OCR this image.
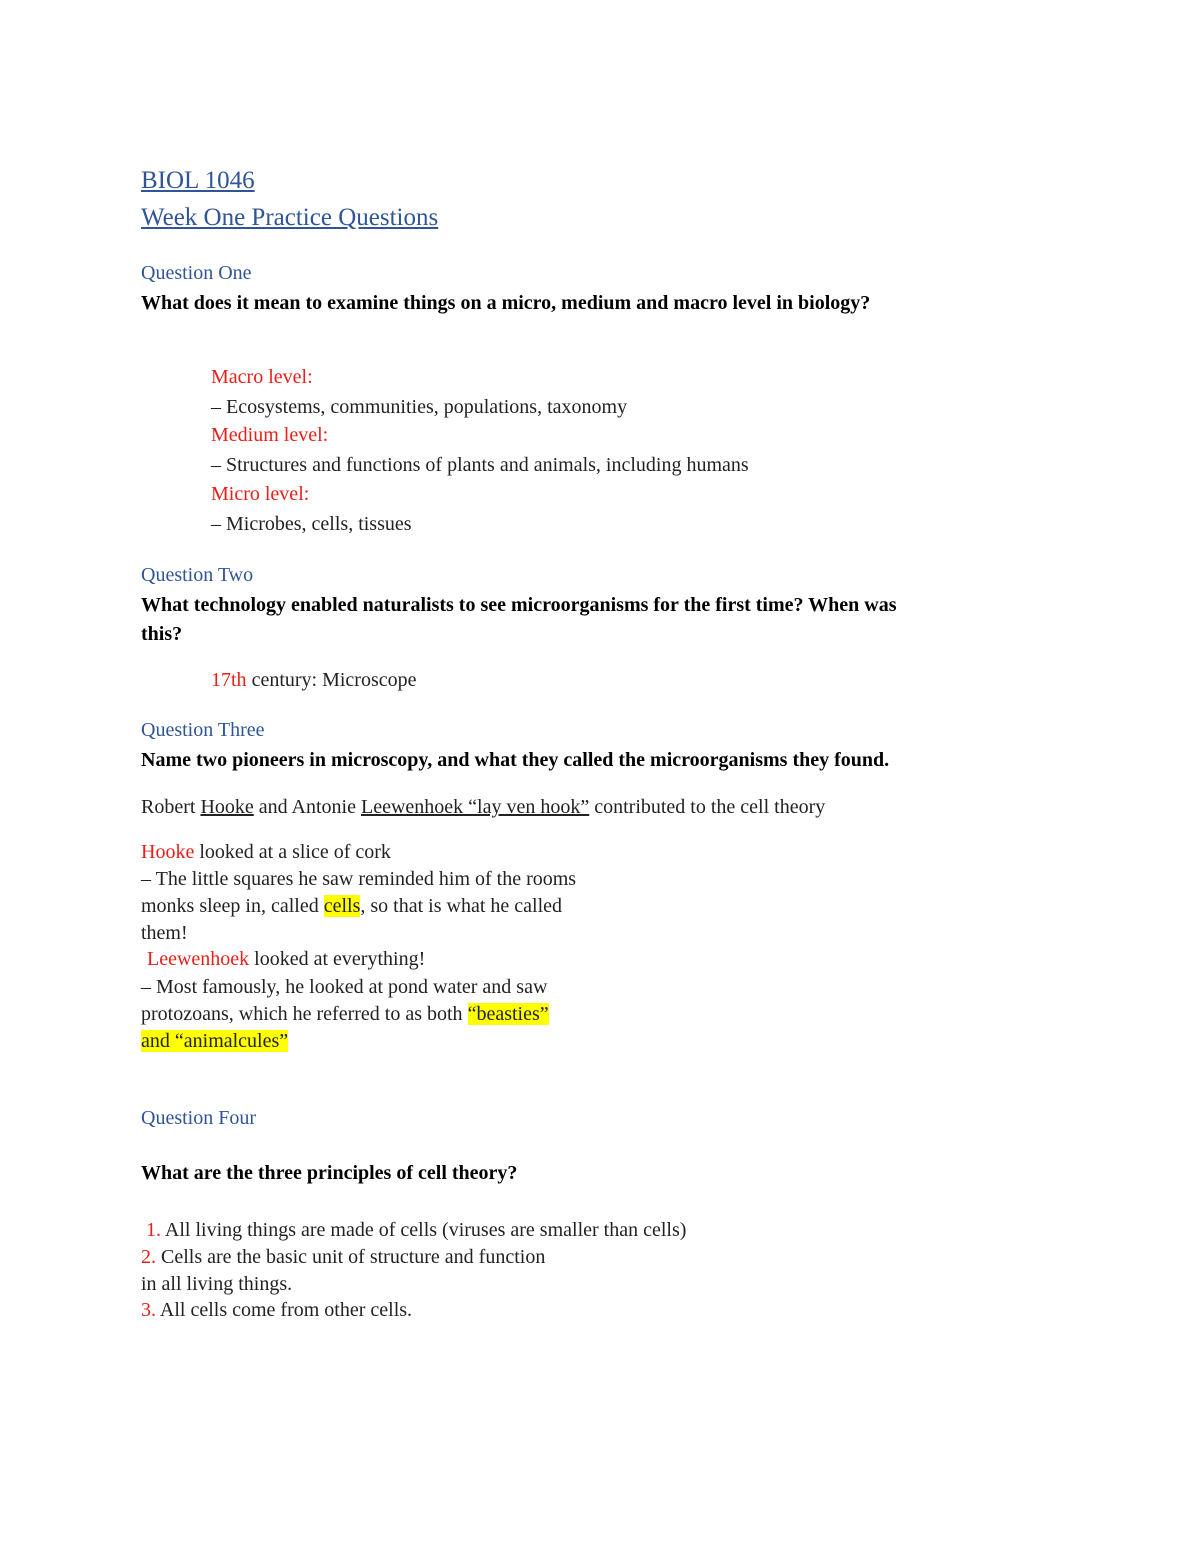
BIOL 1046
Week One Practice Questions
Question One
What does it mean to examine things on a micro, medium and macro level in biology?
Macro level:
– Ecosystems, communities, populations, taxonomy
Medium level:
– Structures and functions of plants and animals, including humans
Micro level:
– Microbes, cells, tissues
Question Two
What technology enabled naturalists to see microorganisms for the first time? When was
this?
17th century: Microscope
Question Three
Name two pioneers in microscopy, and what they called the microorganisms they found.
Robert Hooke and Antonie Leewenhoek “lay ven hook” contributed to the cell theory
Hooke looked at a slice of cork
– The little squares he saw reminded him of the rooms
monks sleep in, called cells, so that is what he called
them!
Leewenhoek looked at everything!
– Most famously, he looked at pond water and saw
protozoans, which he referred to as both “beasties”
and “animalcules”
Question Four
What are the three principles of cell theory?
1. All living things are made of cells (viruses are smaller than cells)
2. Cells are the basic unit of structure and function
in all living things.
3. All cells come from other cells.
